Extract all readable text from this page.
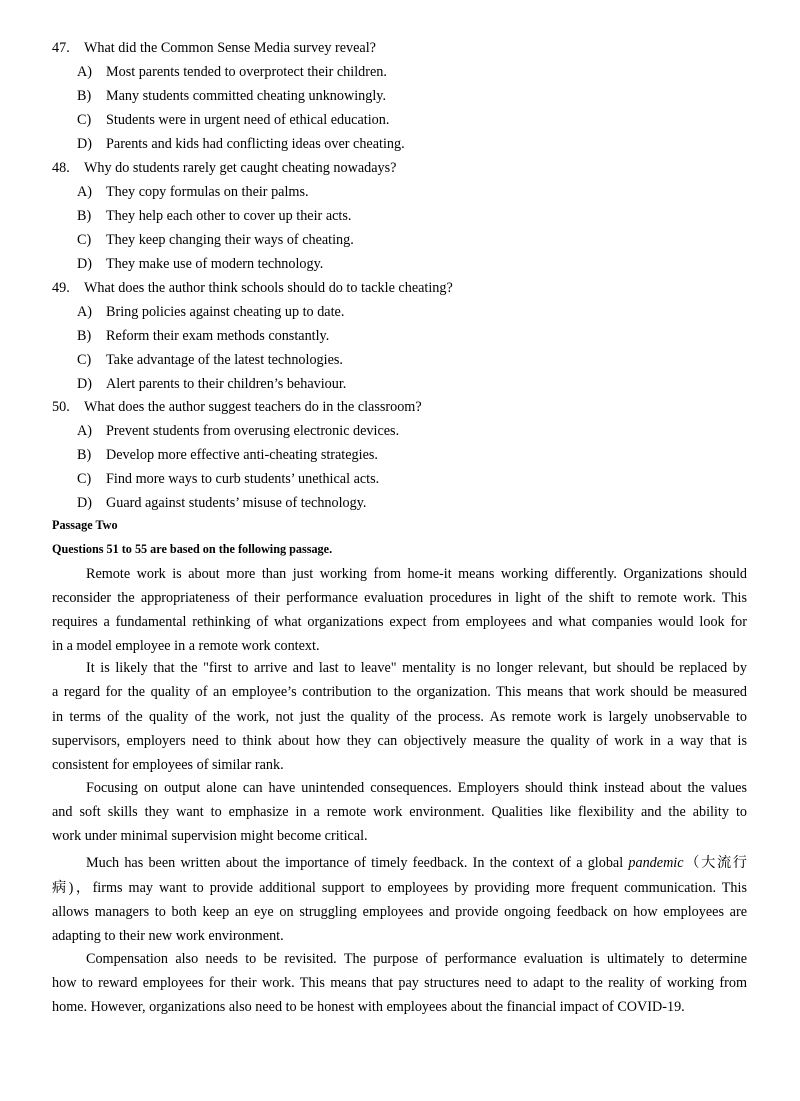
47. What did the Common Sense Media survey reveal?
A) Most parents tended to overprotect their children.
B) Many students committed cheating unknowingly.
C) Students were in urgent need of ethical education.
D) Parents and kids had conflicting ideas over cheating.
48. Why do students rarely get caught cheating nowadays?
A) They copy formulas on their palms.
B) They help each other to cover up their acts.
C) They keep changing their ways of cheating.
D) They make use of modern technology.
49. What does the author think schools should do to tackle cheating?
A) Bring policies against cheating up to date.
B) Reform their exam methods constantly.
C) Take advantage of the latest technologies.
D) Alert parents to their children’s behaviour.
50. What does the author suggest teachers do in the classroom?
A) Prevent students from overusing electronic devices.
B) Develop more effective anti-cheating strategies.
C) Find more ways to curb students’ unethical acts.
D) Guard against students’ misuse of technology.
Passage Two
Questions 51 to 55 are based on the following passage.
Remote work is about more than just working from home-it means working differently. Organizations should
reconsider the appropriateness of their performance evaluation procedures in light of the shift to remote work. This
requires a fundamental rethinking of what organizations expect from employees and what companies would look for
in a model employee in a remote work context.
It is likely that the "first to arrive and last to leave" mentality is no longer relevant, but should be replaced by
a regard for the quality of an employee’s contribution to the organization. This means that work should be measured
in terms of the quality of the work, not just the quality of the process. As remote work is largely unobservable to
supervisors, employers need to think about how they can objectively measure the quality of work in a way that is
consistent for employees of similar rank.
Focusing on output alone can have unintended consequences. Employers should think instead about the values
and soft skills they want to emphasize in a remote work environment. Qualities like flexibility and the ability to
work under minimal supervision might become critical.
Much has been written about the importance of timely feedback. In the context of a global pandemic（大流行
病)，firms may want to provide additional support to employees by providing more frequent communication. This
allows managers to both keep an eye on struggling employees and provide ongoing feedback on how employees are
adapting to their new work environment.
Compensation also needs to be revisited. The purpose of performance evaluation is ultimately to determine
how to reward employees for their work. This means that pay structures need to adapt to the reality of working from
home. However, organizations also need to be honest with employees about the financial impact of COVID-19.
